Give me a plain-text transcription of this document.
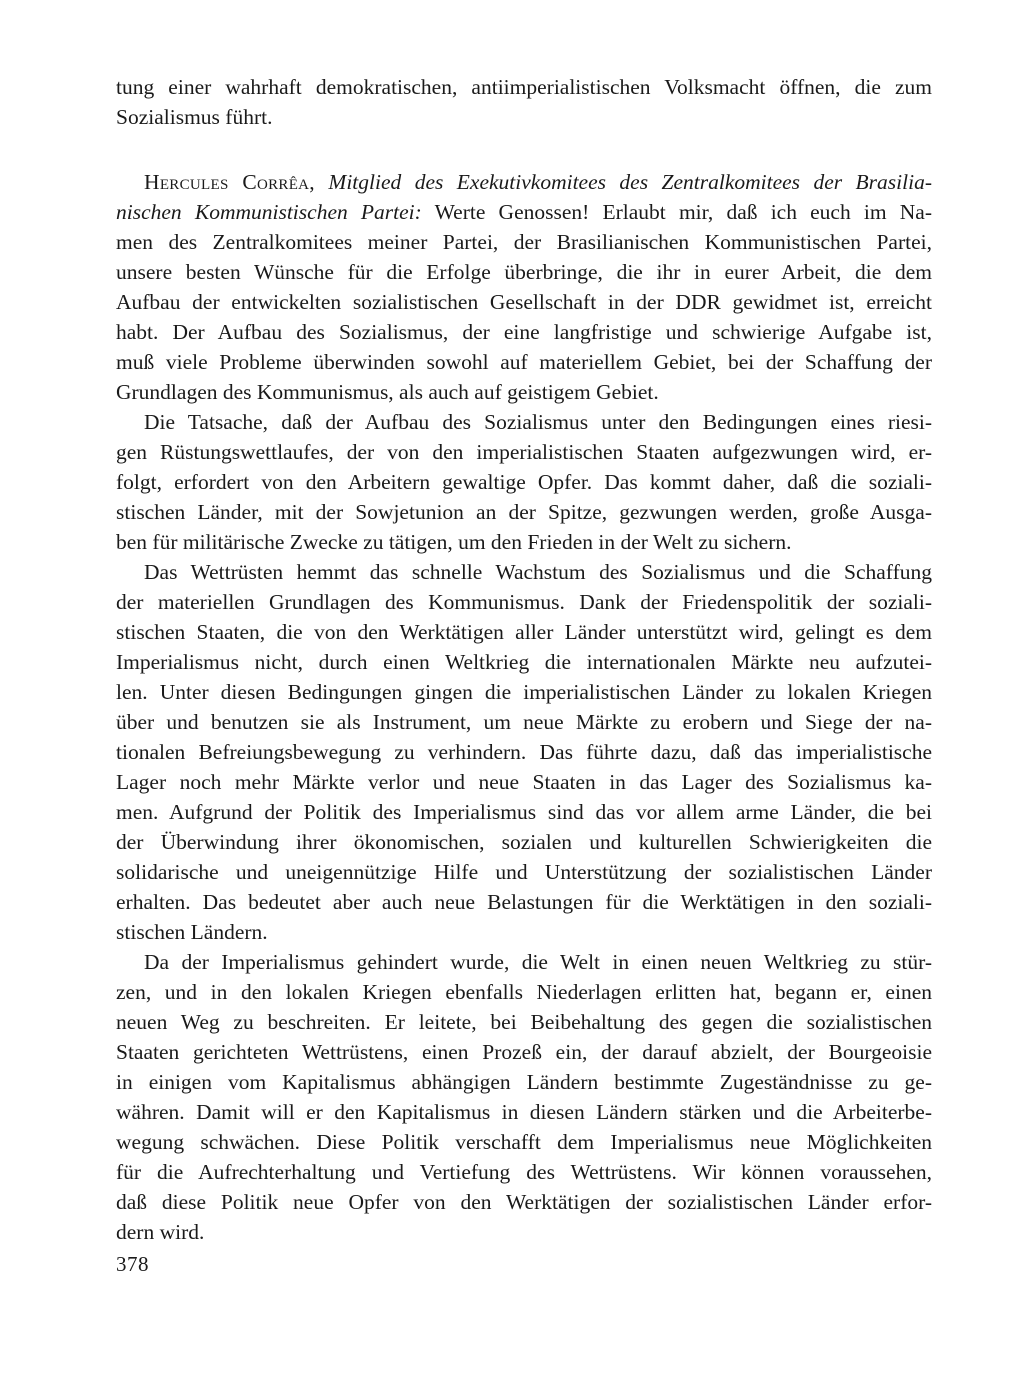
tung einer wahrhaft demokratischen, antiimperialistischen Volksmacht öffnen, die zum
Sozialismus führt.
Hercules Corrêa, Mitglied des Exekutivkomitees des Zentralkomitees der Brasilia-
nischen Kommunistischen Partei: Werte Genossen! Erlaubt mir, daß ich euch im Na-
men des Zentralkomitees meiner Partei, der Brasilianischen Kommunistischen Partei,
unsere besten Wünsche für die Erfolge überbringe, die ihr in eurer Arbeit, die dem
Aufbau der entwickelten sozialistischen Gesellschaft in der DDR gewidmet ist, erreicht
habt. Der Aufbau des Sozialismus, der eine langfristige und schwierige Aufgabe ist,
muß viele Probleme überwinden sowohl auf materiellem Gebiet, bei der Schaffung der
Grundlagen des Kommunismus, als auch auf geistigem Gebiet.
Die Tatsache, daß der Aufbau des Sozialismus unter den Bedingungen eines riesi-
gen Rüstungswettlaufes, der von den imperialistischen Staaten aufgezwungen wird, er-
folgt, erfordert von den Arbeitern gewaltige Opfer. Das kommt daher, daß die soziali-
stischen Länder, mit der Sowjetunion an der Spitze, gezwungen werden, große Ausga-
ben für militärische Zwecke zu tätigen, um den Frieden in der Welt zu sichern.
Das Wettrüsten hemmt das schnelle Wachstum des Sozialismus und die Schaffung
der materiellen Grundlagen des Kommunismus. Dank der Friedenspolitik der soziali-
stischen Staaten, die von den Werktätigen aller Länder unterstützt wird, gelingt es dem
Imperialismus nicht, durch einen Weltkrieg die internationalen Märkte neu aufzutei-
len. Unter diesen Bedingungen gingen die imperialistischen Länder zu lokalen Kriegen
über und benutzen sie als Instrument, um neue Märkte zu erobern und Siege der na-
tionalen Befreiungsbewegung zu verhindern. Das führte dazu, daß das imperialistische
Lager noch mehr Märkte verlor und neue Staaten in das Lager des Sozialismus ka-
men. Aufgrund der Politik des Imperialismus sind das vor allem arme Länder, die bei
der Überwindung ihrer ökonomischen, sozialen und kulturellen Schwierigkeiten die
solidarische und uneigennützige Hilfe und Unterstützung der sozialistischen Länder
erhalten. Das bedeutet aber auch neue Belastungen für die Werktätigen in den soziali-
stischen Ländern.
Da der Imperialismus gehindert wurde, die Welt in einen neuen Weltkrieg zu stür-
zen, und in den lokalen Kriegen ebenfalls Niederlagen erlitten hat, begann er, einen
neuen Weg zu beschreiten. Er leitete, bei Beibehaltung des gegen die sozialistischen
Staaten gerichteten Wettrüstens, einen Prozeß ein, der darauf abzielt, der Bourgeoisie
in einigen vom Kapitalismus abhängigen Ländern bestimmte Zugeständnisse zu ge-
währen. Damit will er den Kapitalismus in diesen Ländern stärken und die Arbeiterbe-
wegung schwächen. Diese Politik verschafft dem Imperialismus neue Möglichkeiten
für die Aufrechterhaltung und Vertiefung des Wettrüstens. Wir können voraussehen,
daß diese Politik neue Opfer von den Werktätigen der sozialistischen Länder erfor-
dern wird.
378
